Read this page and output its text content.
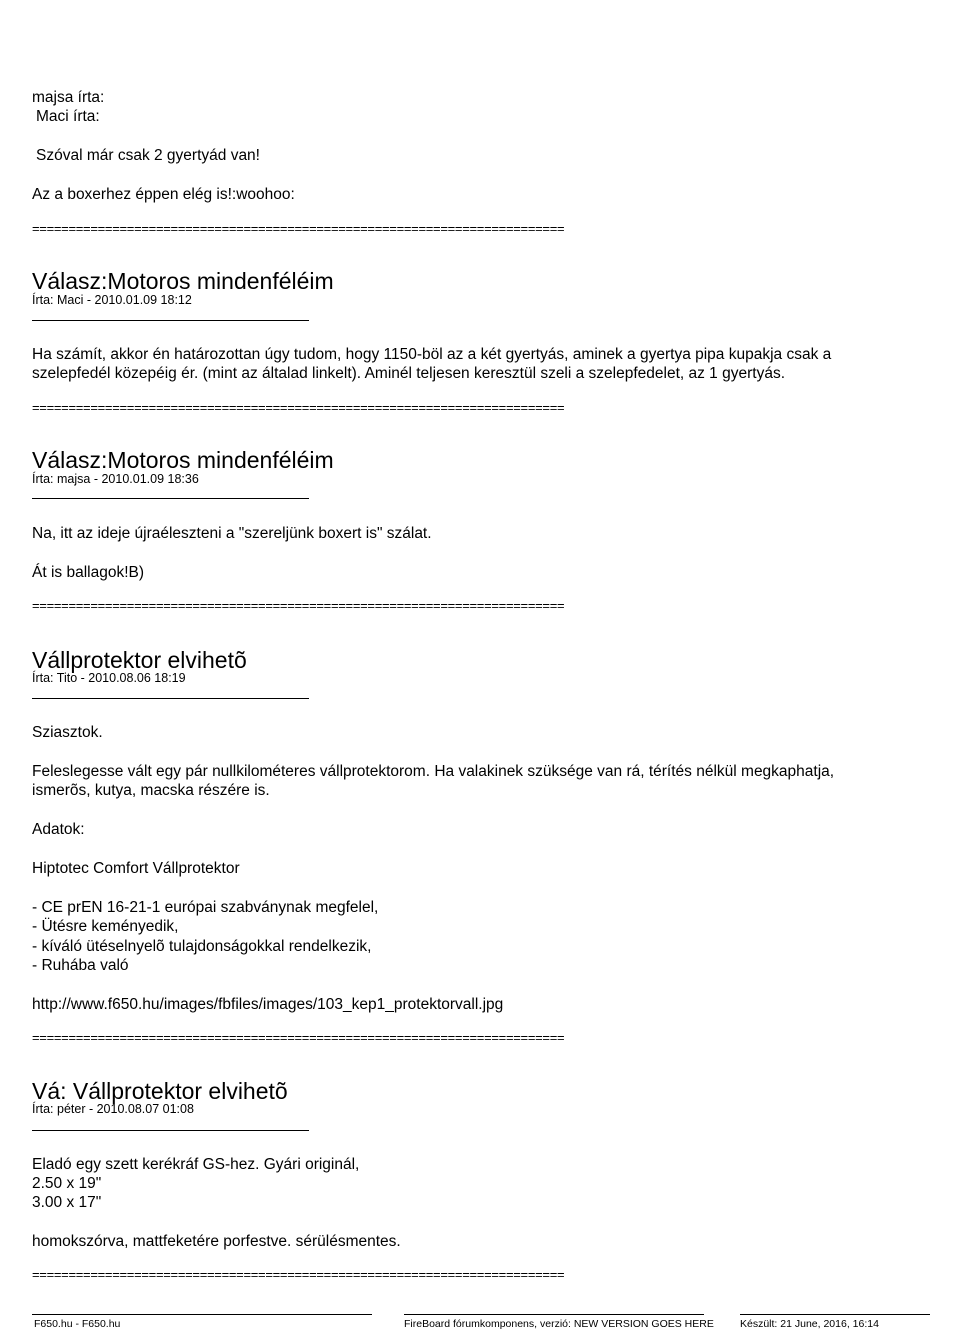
majsa írta:
Maci írta:
Szóval már csak 2 gyertyád van!
Az a boxerhez éppen elég is!:woohoo:
=========================================================================
Válasz:Motoros mindenféléim
Írta: Maci - 2010.01.09 18:12
Ha számít, akkor én határozottan úgy tudom, hogy 1150-böl az a két gyertyás, aminek a gyertya pipa kupakja csak a
szelepfedél közepéig ér. (mint az általad linkelt). Aminél teljesen keresztül szeli a szelepfedelet, az 1 gyertyás.
=========================================================================
Válasz:Motoros mindenféléim
Írta: majsa - 2010.01.09 18:36
Na, itt az ideje újraéleszteni a "szereljünk boxert is" szálat.
Át is ballagok!B)
=========================================================================
Vállprotektor elvihetõ
Írta: Tito - 2010.08.06 18:19
Sziasztok.
Feleslegesse vált egy pár nullkilométeres vállprotektorom. Ha valakinek szüksége van rá, térítés nélkül megkaphatja,
ismerõs, kutya, macska részére is.
Adatok:
Hiptotec Comfort Vállprotektor
- CE prEN 16-21-1 európai szabványnak megfelel,
- Ütésre keményedik,
- kíváló ütéselnyelõ tulajdonságokkal rendelkezik,
- Ruhába való
http://www.f650.hu/images/fbfiles/images/103_kep1_protektorvall.jpg
=========================================================================
Vá: Vállprotektor elvihetõ
Írta: péter - 2010.08.07 01:08
Eladó egy szett kerékráf GS-hez. Gyári originál,
2.50 x 19"
3.00 x 17"
homokszórva, mattfeketére porfestve. sérülésmentes.
=========================================================================
F650.hu - F650.hu	FireBoard fórumkomponens, verzió: NEW VERSION GOES HERE Készült: 21 June, 2016, 16:14
